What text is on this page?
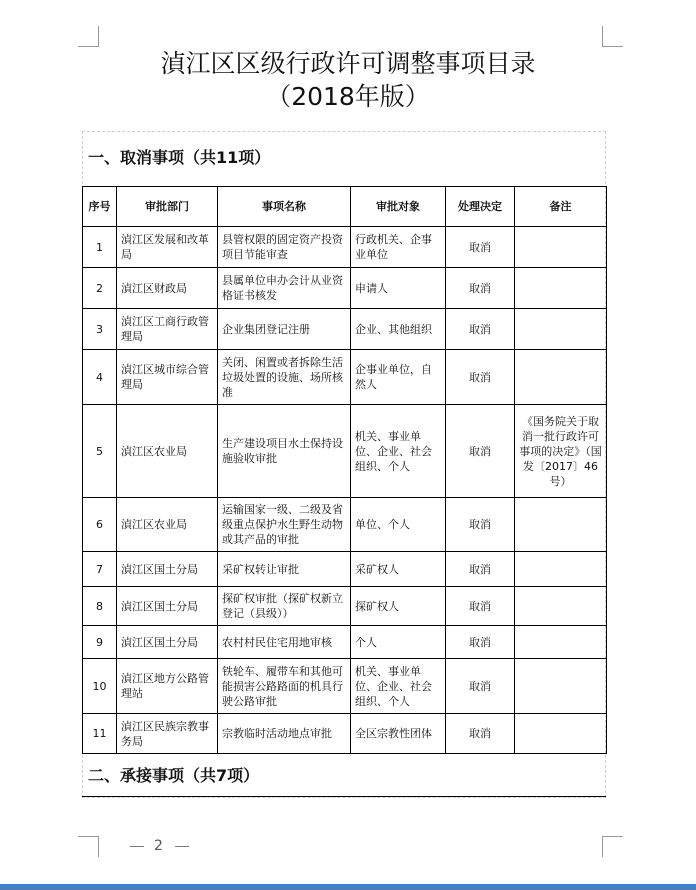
湞江区区级行政许可调整事项目录
（2018年版）
一、取消事项（共11项）
序号	审批部门	事项名称	审批对象	处理决定	备注
1	湞江区发展和改革局	县管权限的固定资产投资项目节能审查	行政机关、企事业单位	取消	
2	湞江区财政局	县属单位申办会计从业资格证书核发	申请人	取消	
3	湞江区工商行政管理局	企业集团登记注册	企业、其他组织	取消	
4	湞江区城市综合管理局	关闭、闲置或者拆除生活垃圾处置的设施、场所核准	企事业单位，自然人	取消	
5	湞江区农业局	生产建设项目水土保持设施验收审批	机关、事业单位、企业、社会组织、个人	取消	《国务院关于取消一批行政许可事项的决定》（国发〔2017〕46号）
6	湞江区农业局	运输国家一级、二级及省级重点保护水生野生动物或其产品的审批	单位、个人	取消	
7	湞江区国土分局	采矿权转让审批	采矿权人	取消	
8	湞江区国土分局	探矿权审批（探矿权新立登记（县级））	探矿权人	取消	
9	湞江区国土分局	农村村民住宅用地审核	个人	取消	
10	湞江区地方公路管理站	铁轮车、履带车和其他可能损害公路路面的机具行驶公路审批	机关、事业单位、企业、社会组织、个人	取消	
11	湞江区民族宗教事务局	宗教临时活动地点审批	全区宗教性团体	取消	
二、承接事项（共7项）
2
